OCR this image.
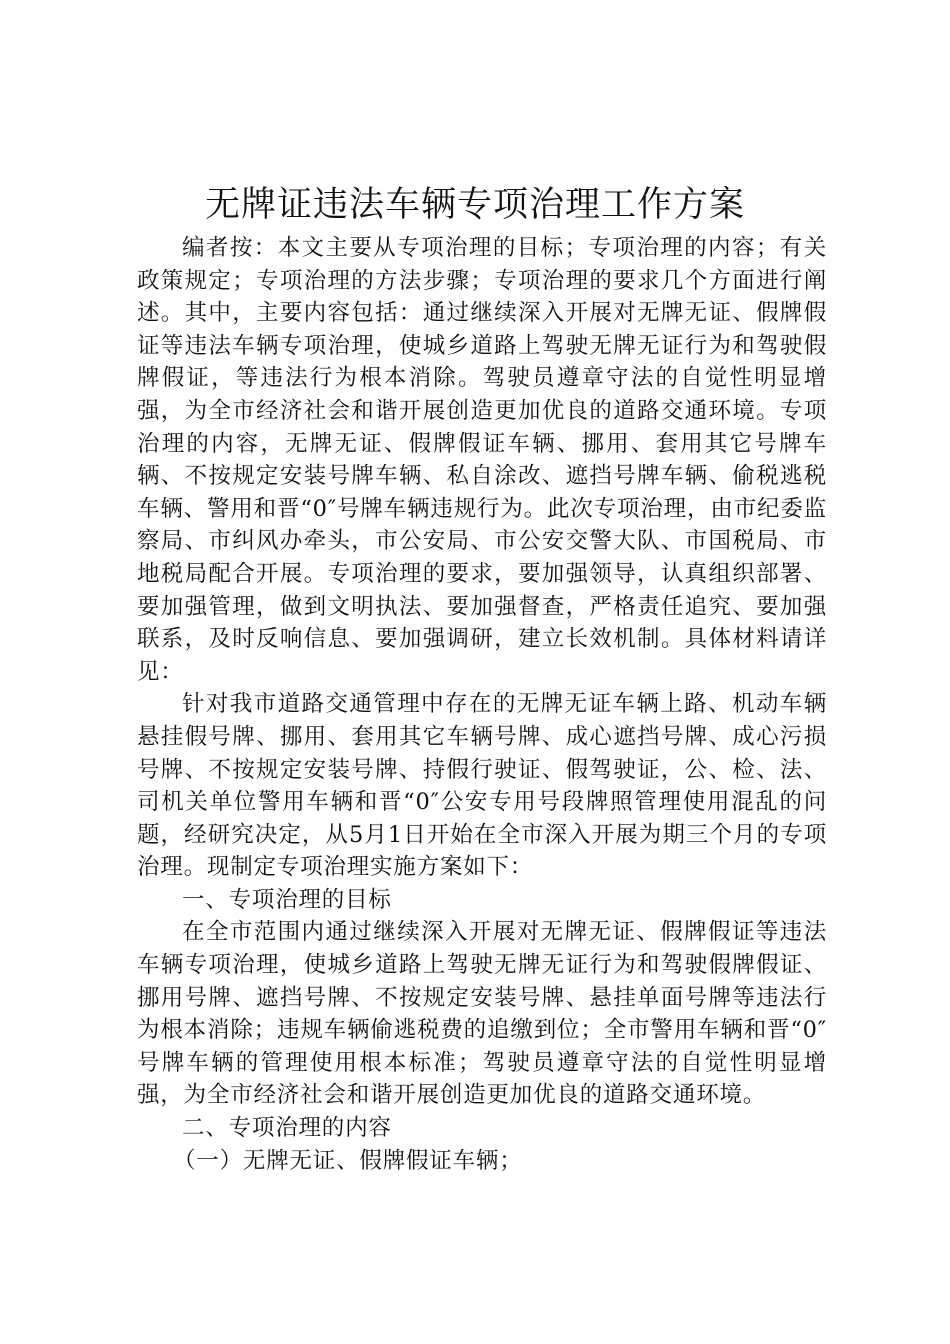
无牌证违法车辆专项治理工作方案

编者按：本文主要从专项治理的目标；专项治理的内容；有关政策规定；专项治理的方法步骤；专项治理的要求几个方面进行阐述。其中，主要内容包括：通过继续深入开展对无牌无证、假牌假证等违法车辆专项治理，使城乡道路上驾驶无牌无证行为和驾驶假牌假证，等违法行为根本消除。驾驶员遵章守法的自觉性明显增强，为全市经济社会和谐开展创造更加优良的道路交通环境。专项治理的内容，无牌无证、假牌假证车辆、挪用、套用其它号牌车辆、不按规定安装号牌车辆、私自涂改、遮挡号牌车辆、偷税逃税车辆、警用和晋“0″号牌车辆违规行为。此次专项治理，由市纪委监察局、市纠风办牵头，市公安局、市公安交警大队、市国税局、市地税局配合开展。专项治理的要求，要加强领导，认真组织部署、要加强管理，做到文明执法、要加强督查，严格责任追究、要加强联系，及时反响信息、要加强调研，建立长效机制。具体材料请详见：

针对我市道路交通管理中存在的无牌无证车辆上路、机动车辆悬挂假号牌、挪用、套用其它车辆号牌、成心遮挡号牌、成心污损号牌、不按规定安装号牌、持假行驶证、假驾驶证，公、检、法、司机关单位警用车辆和晋“0″公安专用号段牌照管理使用混乱的问题，经研究决定，从5月1日开始在全市深入开展为期三个月的专项治理。现制定专项治理实施方案如下：

一、专项治理的目标

在全市范围内通过继续深入开展对无牌无证、假牌假证等违法车辆专项治理，使城乡道路上驾驶无牌无证行为和驾驶假牌假证、挪用号牌、遮挡号牌、不按规定安装号牌、悬挂单面号牌等违法行为根本消除；违规车辆偷逃税费的追缴到位；全市警用车辆和晋“0″号牌车辆的管理使用根本标准；驾驶员遵章守法的自觉性明显增强，为全市经济社会和谐开展创造更加优良的道路交通环境。

二、专项治理的内容

（一）无牌无证、假牌假证车辆；
